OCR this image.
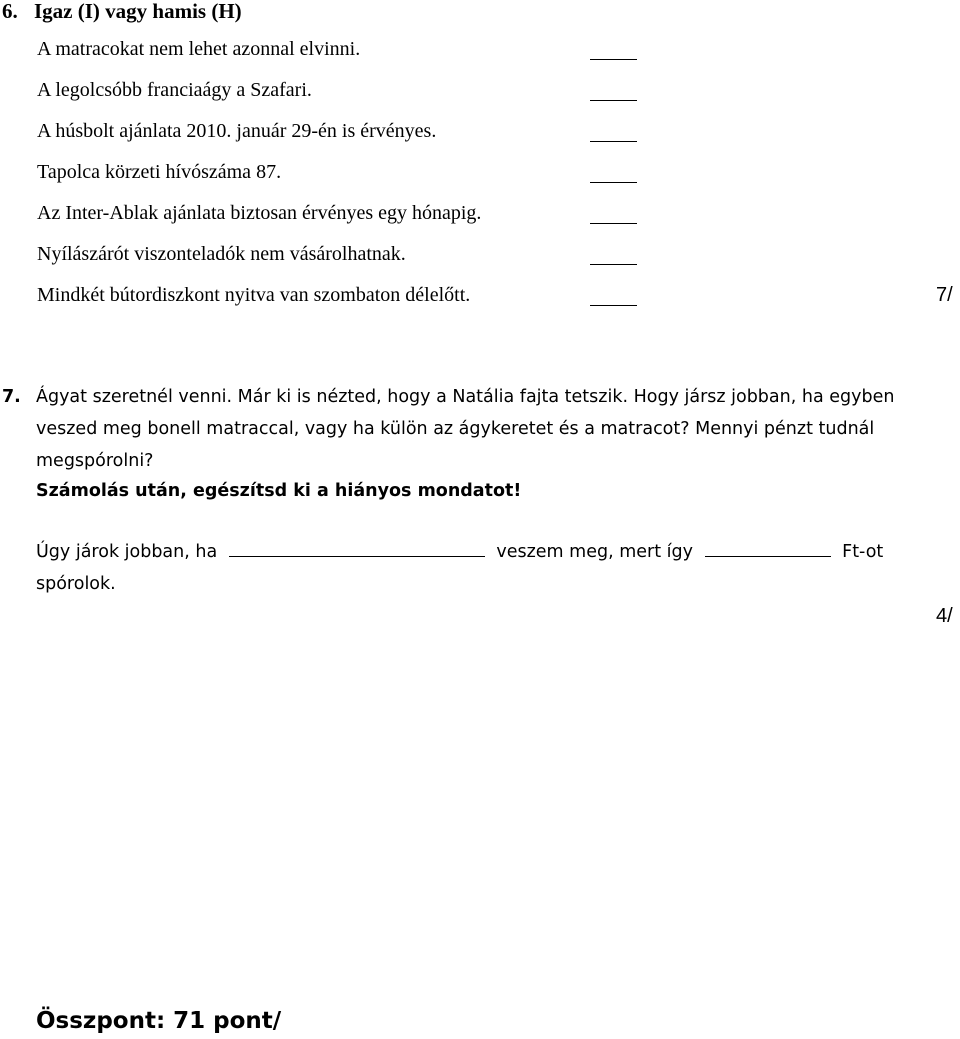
6. Igaz (I) vagy hamis (H)
A matracokat nem lehet azonnal elvinni.
A legolcsóbb franciaágy a Szafari.
A húsbolt ajánlata 2010. január 29-én is érvényes.
Tapolca körzeti hívószáma 87.
Az Inter-Ablak ajánlata biztosan érvényes egy hónapig.
Nyílászárót viszonteladók nem vásárolhatnak.
Mindkét bútordiszkont nyitva van szombaton délelőtt.	7/
7. Ágyat szeretnél venni. Már ki is nézted, hogy a Natália fajta tetszik. Hogy jársz jobban, ha egyben
veszed meg bonell matraccal, vagy ha külön az ágykeretet és a matracot? Mennyi pénzt tudnál
megspórolni?
Számolás után, egészítsd ki a hiányos mondatot!
Úgy járok jobban, ha	veszem meg, mert így	Ft-ot
spórolok.
4/
Összpont: 71 pont/
